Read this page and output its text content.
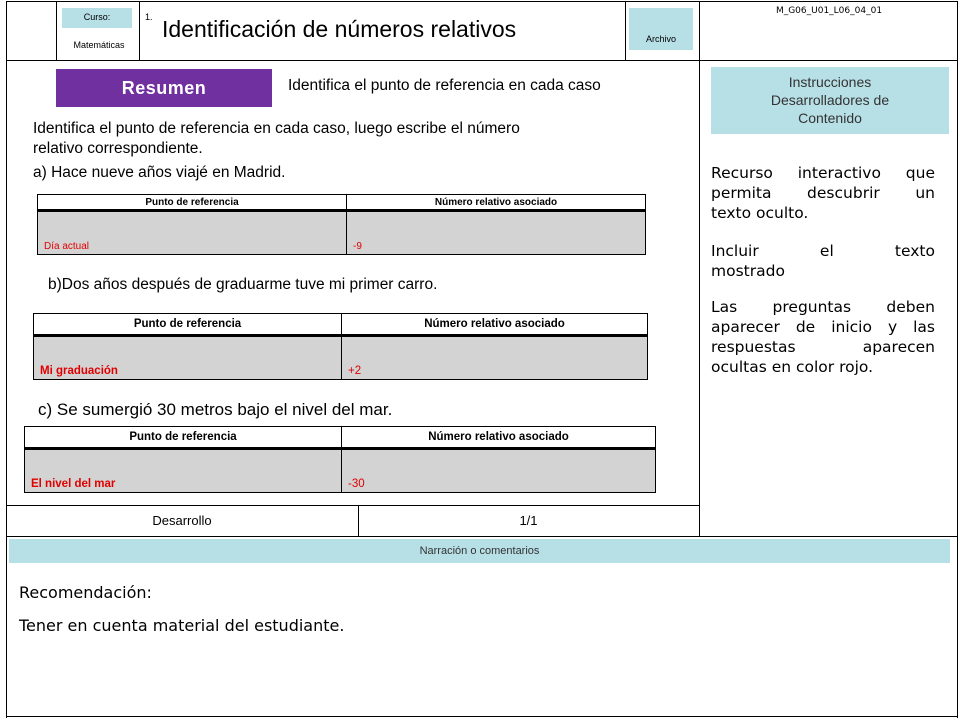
Curso:
Matemáticas
1. Identificación de números relativos	Archivo
M_G06_U01_L06_04_01
Resumen	Identifica el punto de referencia en cada caso
Identifica el punto de referencia en cada caso, luego escribe el número
relativo correspondiente.
a) Hace nueve años viajé en Madrid.
Punto de referencia	Número relativo asociado
Día actual	-9
b)Dos años después de graduarme tuve mi primer carro.
Punto de referencia	Número relativo asociado
Mi graduación	+2
c) Se sumergió 30 metros bajo el nivel del mar.
Punto de referencia	Número relativo asociado
El nivel del mar	-30
Desarrollo	1/1
Instrucciones
Desarrolladores de
Contenido
Recurso interactivo que
permita descubrir un
texto oculto.
Incluir el texto
mostrado
Las preguntas deben
aparecer de inicio y las
respuestas aparecen
ocultas en color rojo.
Narración o comentarios
Recomendación:
Tener en cuenta material del estudiante.
